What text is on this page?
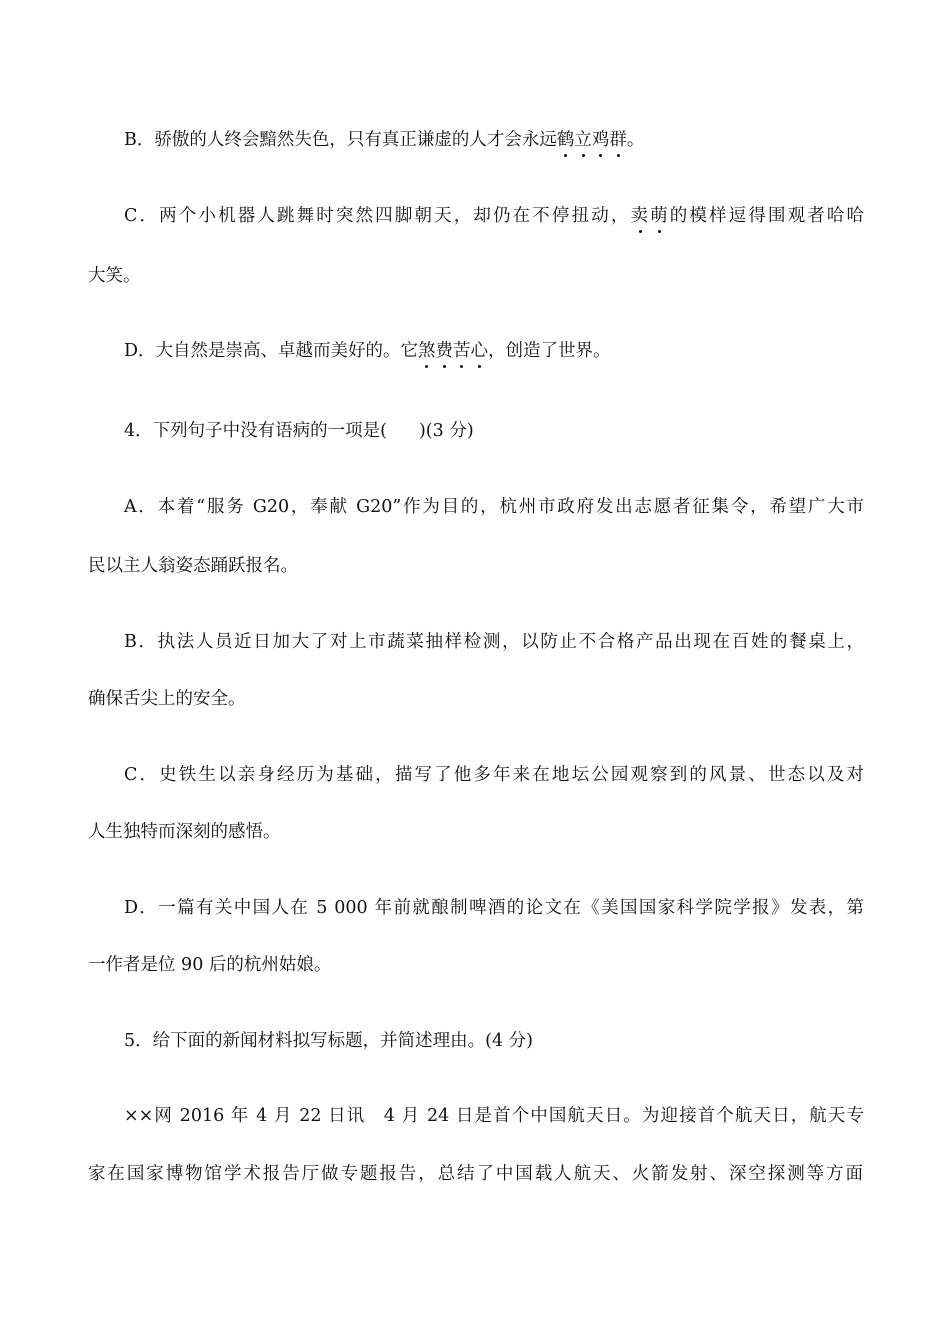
B．骄傲的人终会黯然失色，只有真正谦虚的人才会永远鹤立鸡群。
C．两个小机器人跳舞时突然四脚朝天，却仍在不停扭动，卖萌的模样逗得围观者哈哈
大笑。
D．大自然是崇高、卓越而美好的。它煞费苦心，创造了世界。
4．下列句子中没有语病的一项是( )(3 分)
A．本着“服务 G20，奉献 G20”作为目的，杭州市政府发出志愿者征集令，希望广大市
民以主人翁姿态踊跃报名。
B．执法人员近日加大了对上市蔬菜抽样检测，以防止不合格产品出现在百姓的餐桌上，
确保舌尖上的安全。
C．史铁生以亲身经历为基础，描写了他多年来在地坛公园观察到的风景、世态以及对
人生独特而深刻的感悟。
D．一篇有关中国人在 5 000 年前就酿制啤酒的论文在《美国国家科学院学报》发表，第
一作者是位 90 后的杭州姑娘。
5．给下面的新闻材料拟写标题，并简述理由。(4 分)
××网 2016 年 4 月 22 日讯　4 月 24 日是首个中国航天日。为迎接首个航天日，航天专
家在国家博物馆学术报告厅做专题报告，总结了中国载人航天、火箭发射、深空探测等方面
